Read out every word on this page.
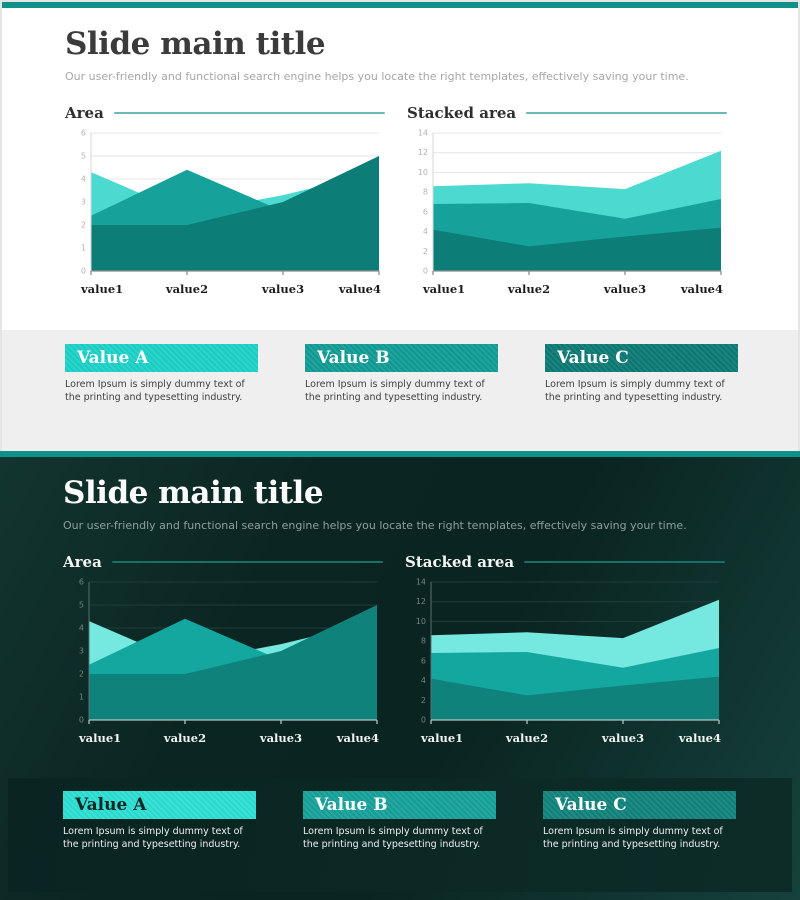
Slide main title

Our user-friendly and functional search engine helps you locate the right templates, effectively saving your time.

Area
0
1
2
3
4
5
6
value1	value2	value3	value4
Stacked area
0
2
4
6
8
10
12
14
value1	value2	value3	value4
Value A

Lorem Ipsum is simply dummy text of the printing and typesetting industry.

Value B

Lorem Ipsum is simply dummy text of the printing and typesetting industry.

Value C

Lorem Ipsum is simply dummy text of the printing and typesetting industry.

Slide main title

Our user-friendly and functional search engine helps you locate the right templates, effectively saving your time.

Area
0
1
2
3
4
5
6
value1	value2	value3	value4
Stacked area
0
2
4
6
8
10
12
14
value1	value2	value3	value4
Value A

Lorem Ipsum is simply dummy text of the printing and typesetting industry.

Value B

Lorem Ipsum is simply dummy text of the printing and typesetting industry.

Value C

Lorem Ipsum is simply dummy text of the printing and typesetting industry.
